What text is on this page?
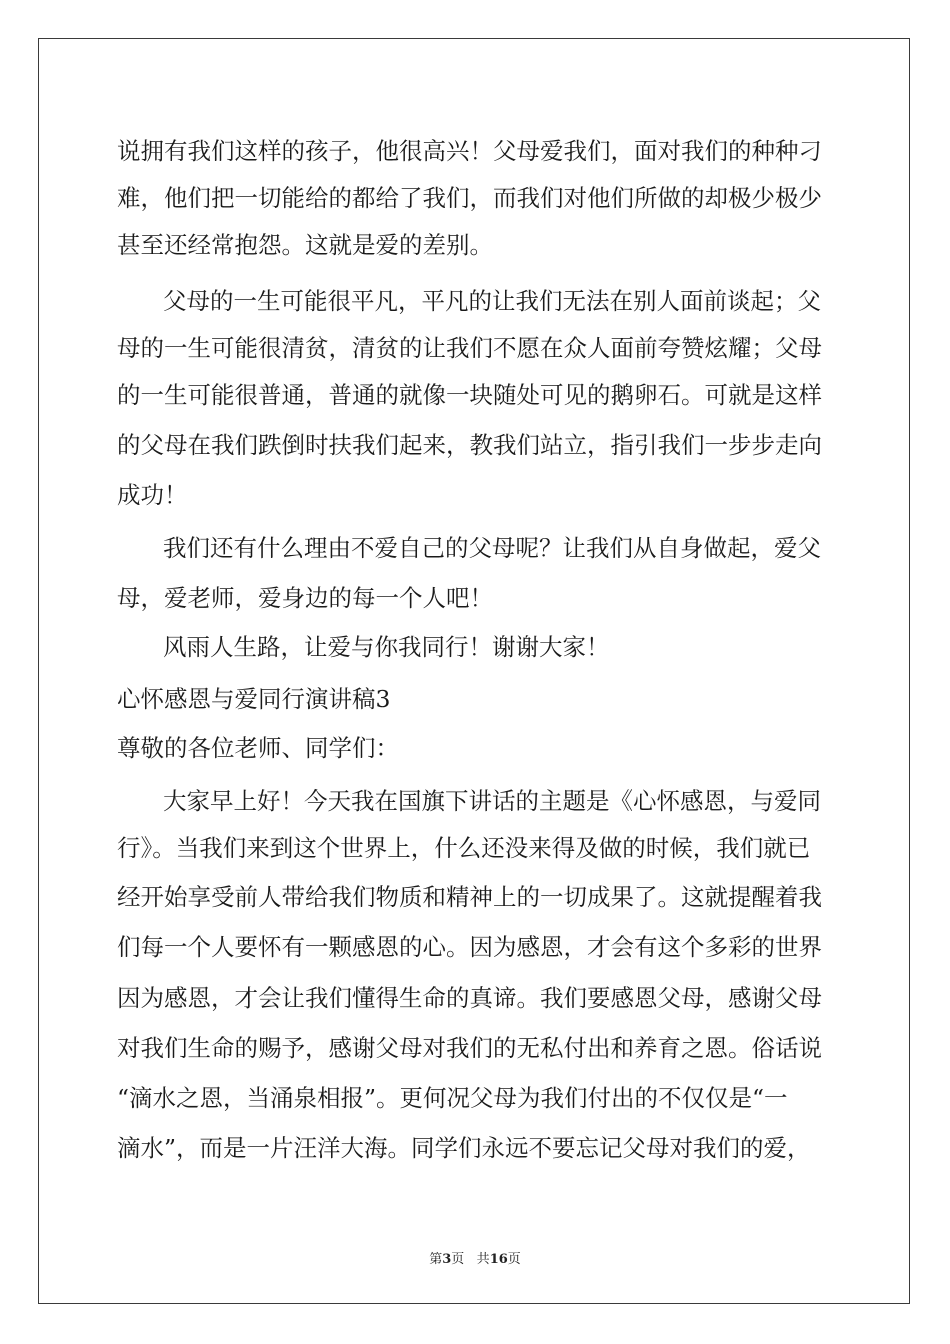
说拥有我们这样的孩子，他很高兴！父母爱我们，面对我们的种种刁
难，他们把一切能给的都给了我们，而我们对他们所做的却极少极少
甚至还经常抱怨。这就是爱的差别。
父母的一生可能很平凡，平凡的让我们无法在别人面前谈起；父
母的一生可能很清贫，清贫的让我们不愿在众人面前夸赞炫耀；父母
的一生可能很普通，普通的就像一块随处可见的鹅卵石。可就是这样
的父母在我们跌倒时扶我们起来，教我们站立，指引我们一步步走向
成功！
我们还有什么理由不爱自己的父母呢？让我们从自身做起，爱父
母，爱老师，爱身边的每一个人吧！
风雨人生路，让爱与你我同行！谢谢大家！
心怀感恩与爱同行演讲稿3
尊敬的各位老师、同学们：
大家早上好！今天我在国旗下讲话的主题是《心怀感恩，与爱同
行》。当我们来到这个世界上，什么还没来得及做的时候，我们就已
经开始享受前人带给我们物质和精神上的一切成果了。这就提醒着我
们每一个人要怀有一颗感恩的心。因为感恩，才会有这个多彩的世界
因为感恩，才会让我们懂得生命的真谛。我们要感恩父母，感谢父母
对我们生命的赐予，感谢父母对我们的无私付出和养育之恩。俗话说
“滴水之恩，当涌泉相报”。更何况父母为我们付出的不仅仅是“一
滴水”，而是一片汪洋大海。同学们永远不要忘记父母对我们的爱，
第3页 共16页
